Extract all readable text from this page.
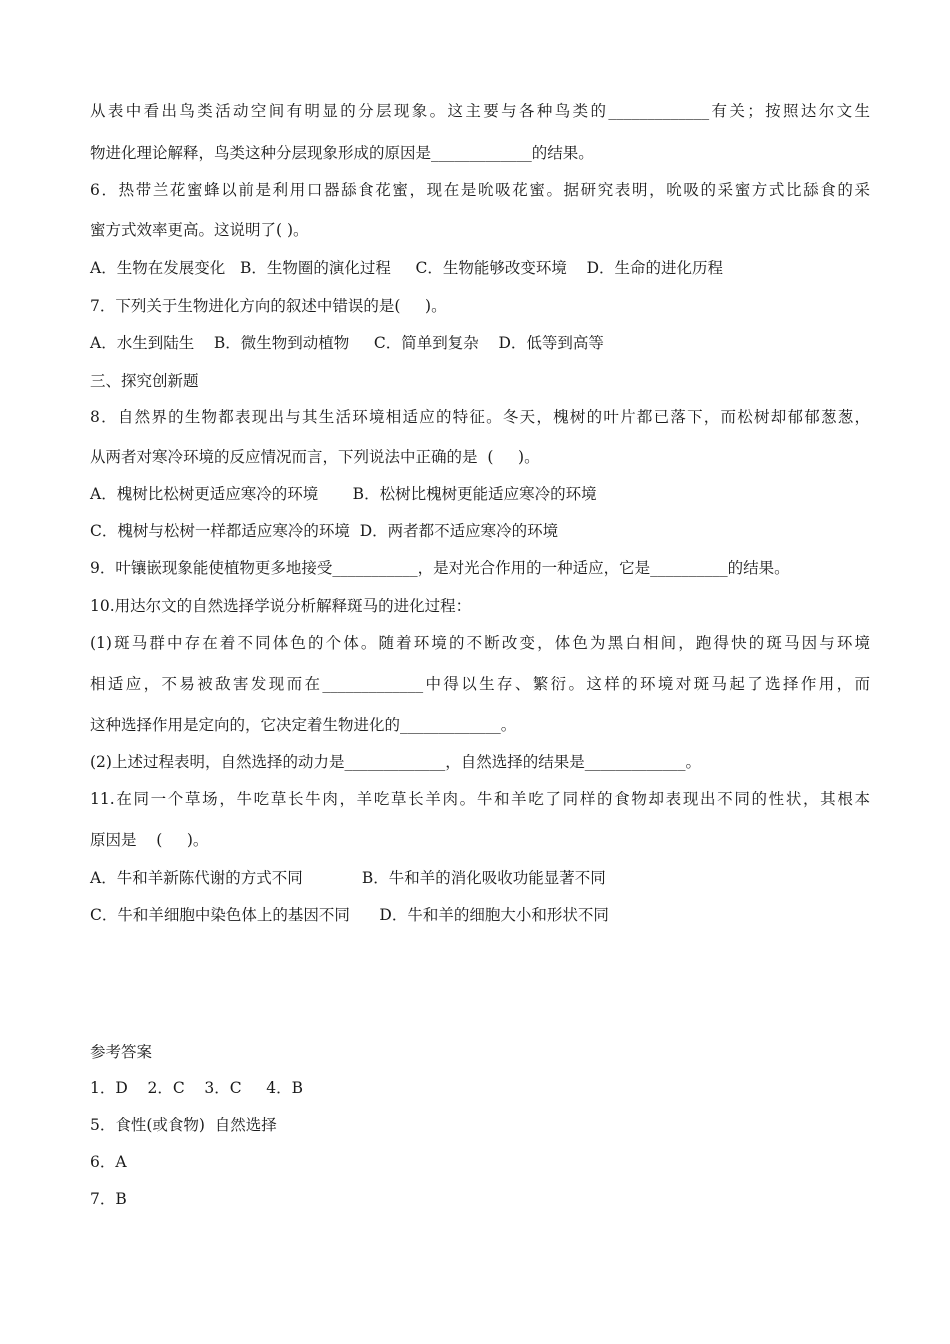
从表中看出鸟类活动空间有明显的分层现象。这主要与各种鸟类的_____________有关；按照达尔文生
物进化理论解释，鸟类这种分层现象形成的原因是_____________的结果。
6．热带兰花蜜蜂以前是利用口器舔食花蜜，现在是吮吸花蜜。据研究表明，吮吸的采蜜方式比舔食的采
蜜方式效率更高。这说明了( )。
A．生物在发展变化   B．生物圈的演化过程     C．生物能够改变环境    D．生命的进化历程
7．下列关于生物进化方向的叙述中错误的是(     )。
A．水生到陆生    B．微生物到动植物     C．简单到复杂    D．低等到高等
三、探究创新题
8．自然界的生物都表现出与其生活环境相适应的特征。冬天，槐树的叶片都已落下，而松树却郁郁葱葱，
从两者对寒冷环境的反应情况而言，下列说法中正确的是  (     )。
A．槐树比松树更适应寒冷的环境       B．松树比槐树更能适应寒冷的环境
C．槐树与松树一样都适应寒冷的环境  D．两者都不适应寒冷的环境
9．叶镶嵌现象能使植物更多地接受___________，是对光合作用的一种适应，它是__________的结果。
10.用达尔文的自然选择学说分析解释斑马的进化过程：
(1)斑马群中存在着不同体色的个体。随着环境的不断改变，体色为黑白相间，跑得快的斑马因与环境
相适应，不易被敌害发现而在_____________中得以生存、繁衍。这样的环境对斑马起了选择作用，而
这种选择作用是定向的，它决定着生物进化的_____________。
(2)上述过程表明，自然选择的动力是_____________，自然选择的结果是_____________。
11.在同一个草场，牛吃草长牛肉，羊吃草长羊肉。牛和羊吃了同样的食物却表现出不同的性状，其根本
原因是    (     )。
A．牛和羊新陈代谢的方式不同            B．牛和羊的消化吸收功能显著不同
C．牛和羊细胞中染色体上的基因不同      D．牛和羊的细胞大小和形状不同
参考答案
1．D    2．C    3．C     4．B
5．食性(或食物)  自然选择
6．A
7．B
